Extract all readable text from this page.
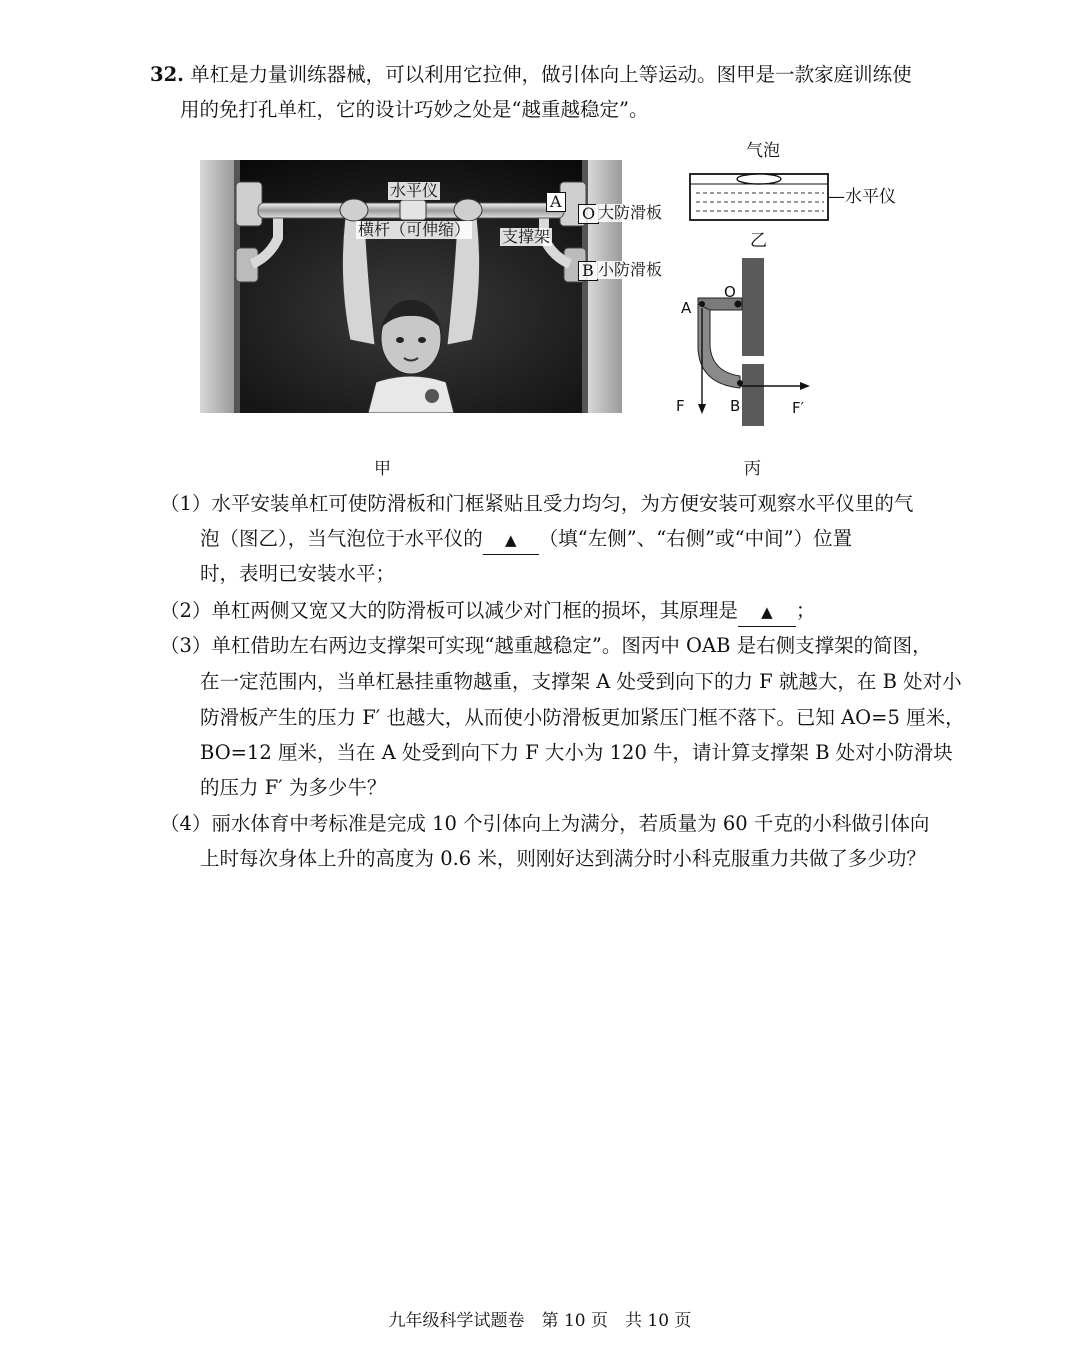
32. 单杠是力量训练器械，可以利用它拉伸，做引体向上等运动。图甲是一款家庭训练使
用的免打孔单杠，它的设计巧妙之处是“越重越稳定”。
水平仪
横杆（可伸缩） 支撑架
A
O 大防滑板
B 小防滑板
甲
气泡
—水平仪
乙
A
O
B
F	F′
丙
（1）水平安装单杠可使防滑板和门框紧贴且受力均匀，为方便安装可观察水平仪里的气
泡（图乙），当气泡位于水平仪的 ▲ （填“左侧”、“右侧”或“中间”）位置
时，表明已安装水平；
（2）单杠两侧又宽又大的防滑板可以减少对门框的损坏，其原理是 ▲ ；
（3）单杠借助左右两边支撑架可实现“越重越稳定”。图丙中 OAB 是右侧支撑架的简图，
在一定范围内，当单杠悬挂重物越重，支撑架 A 处受到向下的力 F 就越大，在 B 处对小
防滑板产生的压力 F′ 也越大，从而使小防滑板更加紧压门框不落下。已知 AO=5 厘米，
BO=12 厘米，当在 A 处受到向下力 F 大小为 120 牛，请计算支撑架 B 处对小防滑块
的压力 F′ 为多少牛？
（4）丽水体育中考标准是完成 10 个引体向上为满分，若质量为 60 千克的小科做引体向
上时每次身体上升的高度为 0.6 米，则刚好达到满分时小科克服重力共做了多少功？
九年级科学试题卷　第 10 页　共 10 页
